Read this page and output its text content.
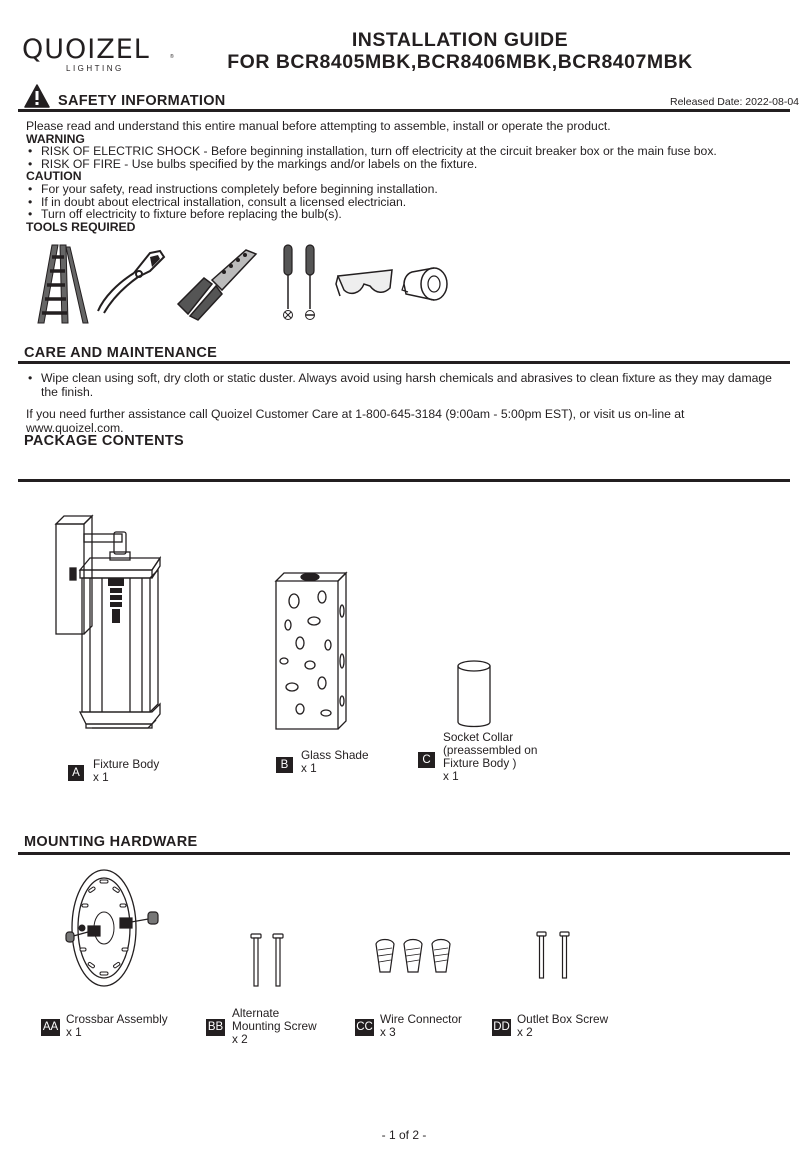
QUOIZEL
LIGHTING
®
INSTALLATION GUIDE
FOR BCR8405MBK,BCR8406MBK,BCR8407MBK
SAFETY INFORMATION	Released Date: 2022-08-04
Please read and understand this entire manual before attempting to assemble, install or operate the product.
WARNING
• RISK OF ELECTRIC SHOCK - Before beginning installation, turn off electricity at the circuit breaker box or the main fuse box.
• RISK OF FIRE - Use bulbs specified by the markings and/or labels on the fixture.
CAUTION
• For your safety, read instructions completely before beginning installation.
• If in doubt about electrical installation, consult a licensed electrician.
• Turn off electricity to fixture before replacing the bulb(s).
TOOLS REQUIRED
CARE AND MAINTENANCE
• Wipe clean using soft, dry cloth or static duster. Always avoid using harsh chemicals and abrasives to clean fixture as they may damage
the finish.
If you need further assistance call Quoizel Customer Care at 1-800-645-3184 (9:00am - 5:00pm EST), or visit us on-line at
www.quoizel.com.
PACKAGE CONTENTS
A
Fixture Body
x 1
B
Glass Shade
x 1
C
Socket Collar
(preassembled on
Fixture Body )
x 1
MOUNTING HARDWARE
AA
Crossbar Assembly
x 1	BB
Alternate
Mounting Screw
x 2
CC
Wire Connector
x 3	DD
Outlet Box Screw
x 2
- 1 of 2 -
